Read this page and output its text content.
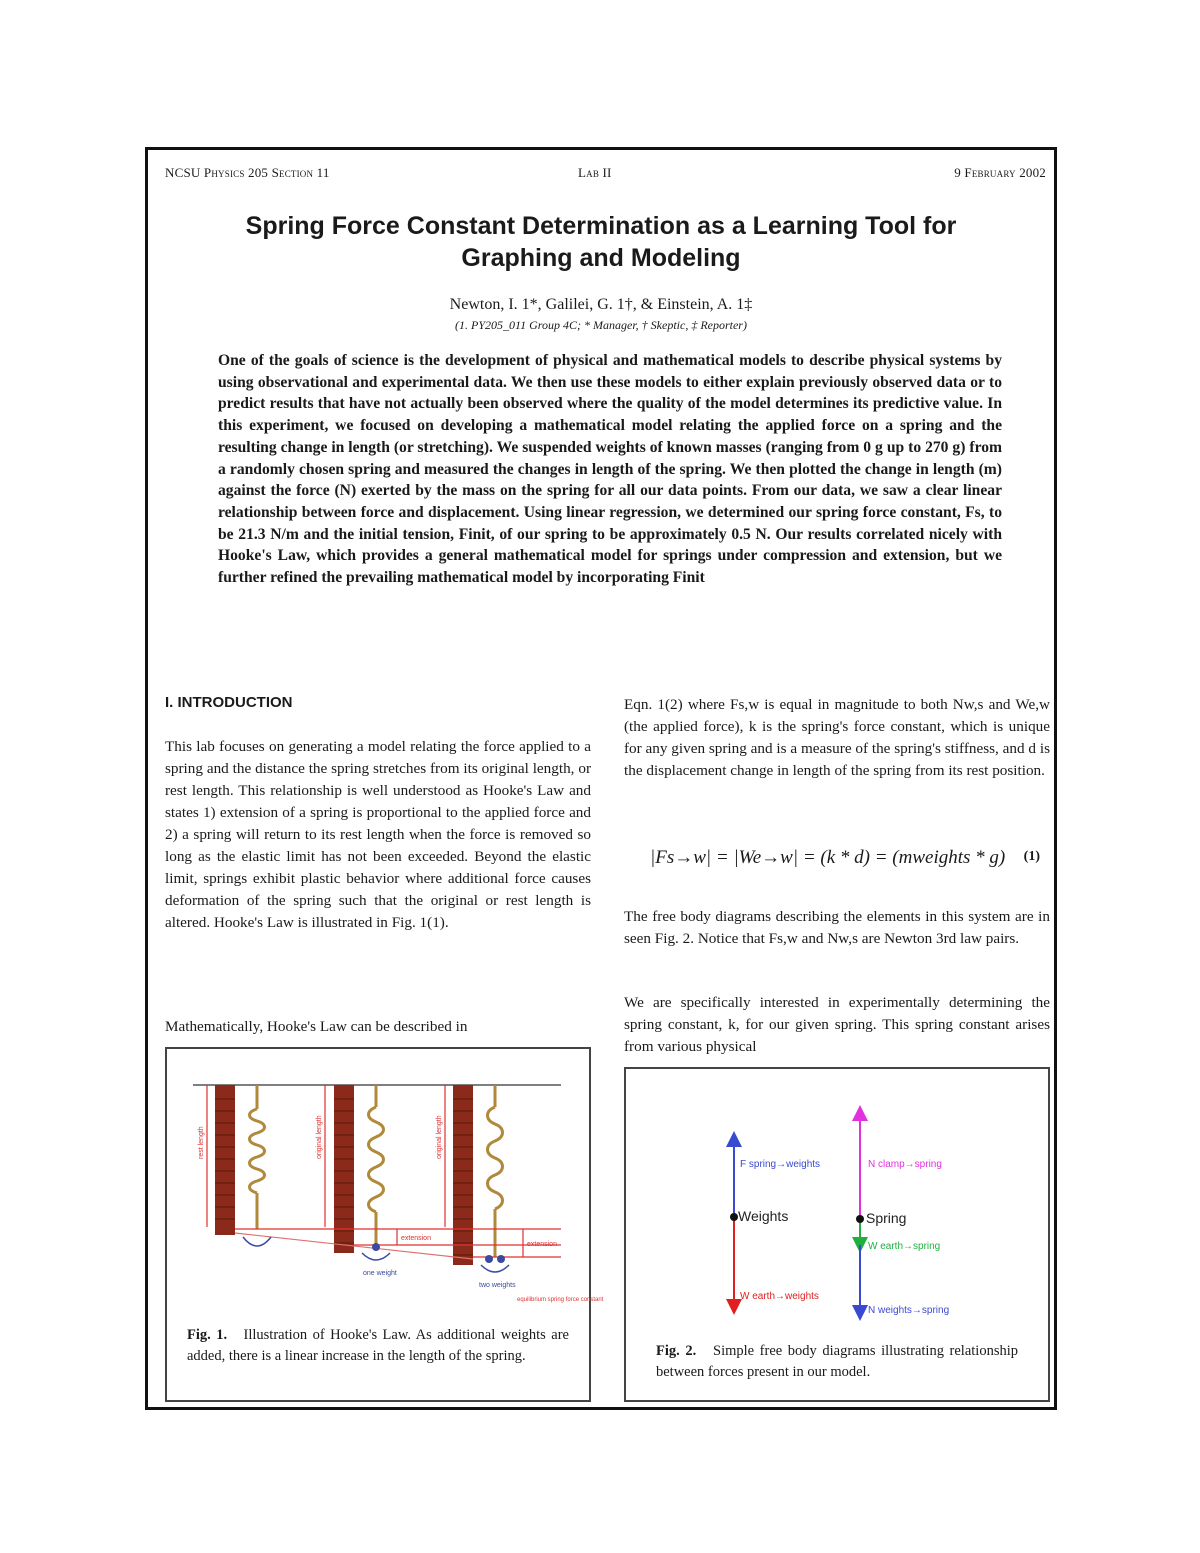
NCSU Physics 205 Section 11	Lab II	9 February 2002
Spring Force Constant Determination as a Learning Tool for Graphing and Modeling
Newton, I. 1*, Galilei, G. 1†, & Einstein, A. 1‡
(1. PY205_011 Group 4C; * Manager, † Skeptic, ‡ Reporter)

One of the goals of science is the development of physical and mathematical models to describe physical systems by using observational and experimental data. We then use these models to either explain previously observed data or to predict results that have not actually been observed where the quality of the model determines its predictive value. In this experiment, we focused on developing a mathematical model relating the applied force on a spring and the resulting change in length (or stretching). We suspended weights of known masses (ranging from 0 g up to 270 g) from a randomly chosen spring and measured the changes in length of the spring. We then plotted the change in length (m) against the force (N) exerted by the mass on the spring for all our data points. From our data, we saw a clear linear relationship between force and displacement. Using linear regression, we determined our spring force constant, Fs, to be 21.3 N/m and the initial tension, Finit, of our spring to be approximately 0.5 N. Our results correlated nicely with Hooke's Law, which provides a general mathematical model for springs under compression and extension, but we further refined the prevailing mathematical model by incorporating Finit

I. INTRODUCTION

This lab focuses on generating a model relating the force applied to a spring and the distance the spring stretches from its original length, or rest length. This relationship is well understood as Hooke's Law and states 1) extension of a spring is proportional to the applied force and 2) a spring will return to its rest length when the force is removed so long as the elastic limit has not been exceeded. Beyond the elastic limit, springs exhibit plastic behavior where additional force causes deformation of the spring such that the original or rest length is altered. Hooke's Law is illustrated in Fig. 1(1).

Mathematically, Hooke's Law can be described in

Eqn. 1(2) where Fs,w is equal in magnitude to both Nw,s and We,w (the applied force), k is the spring's force constant, which is unique for any given spring and is a measure of the spring's stiffness, and d is the displacement change in length of the spring from its rest position.

|Fs→w| = |We→w| = (k * d) = (mweights * g) (1)

The free body diagrams describing the elements in this system are in seen Fig. 2. Notice that Fs,w and Nw,s are Newton 3rd law pairs.

We are specifically interested in experimentally determining the spring constant, k, for our given spring. This spring constant arises from various physical

rest length	original length	original length
extension
extension
one weight
two weights
equilibrium spring force constant
Fig. 1. Illustration of Hooke's Law. As additional weights are added, there is a linear increase in the length of the spring.
F spring→weights
Weights
W earth→weights
N clamp→spring
Spring
W earth→spring
N weights→spring
Fig. 2. Simple free body diagrams illustrating relationship between forces present in our model.
